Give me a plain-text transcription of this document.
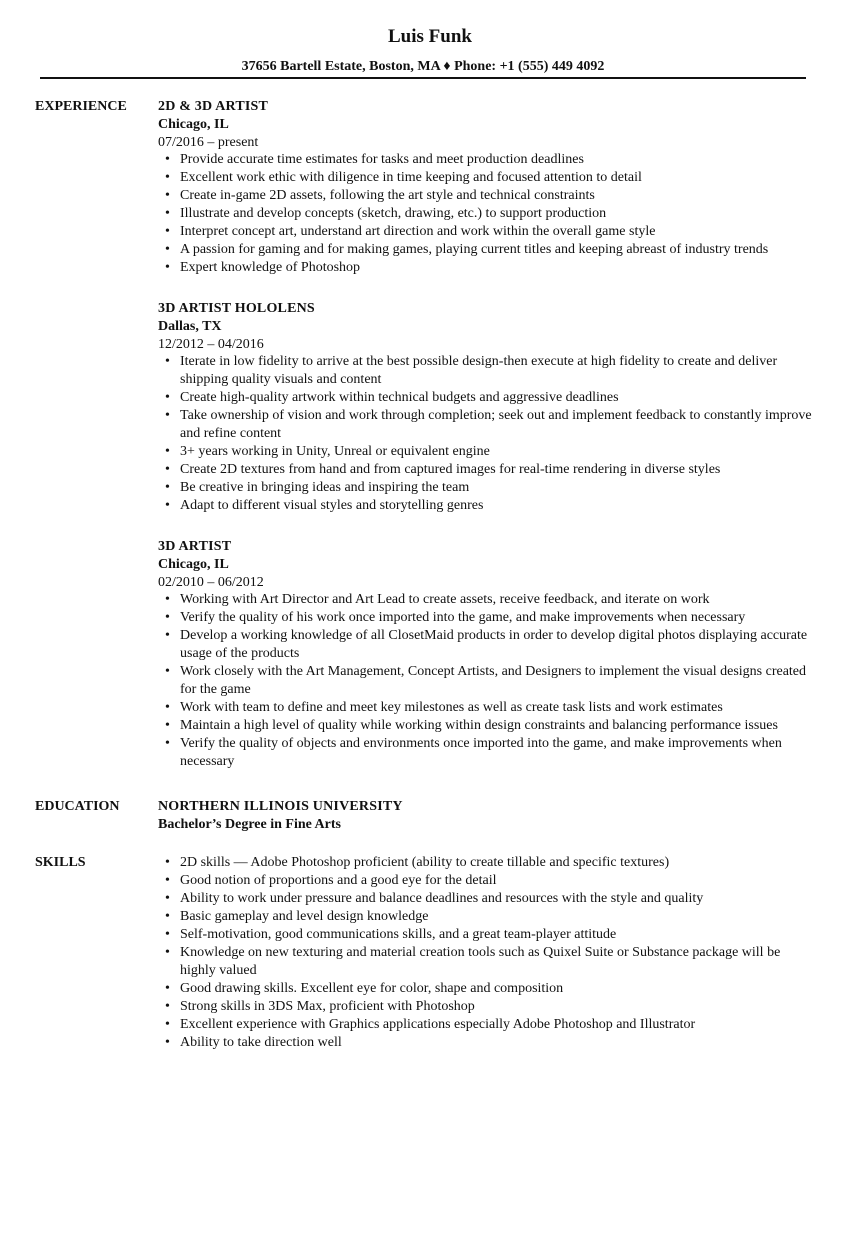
Luis Funk
37656 Bartell Estate, Boston, MA ♦ Phone: +1 (555) 449 4092
EXPERIENCE 2D & 3D ARTIST
Chicago, IL
07/2016 – present
• Provide accurate time estimates for tasks and meet production deadlines
• Excellent work ethic with diligence in time keeping and focused attention to detail
• Create in-game 2D assets, following the art style and technical constraints
• Illustrate and develop concepts (sketch, drawing, etc.) to support production
• Interpret concept art, understand art direction and work within the overall game style
• A passion for gaming and for making games, playing current titles and keeping abreast of industry trends
• Expert knowledge of Photoshop
3D ARTIST HOLOLENS
Dallas, TX
12/2012 – 04/2016
• Iterate in low fidelity to arrive at the best possible design-then execute at high fidelity to create and deliver shipping quality visuals and content
• Create high-quality artwork within technical budgets and aggressive deadlines
• Take ownership of vision and work through completion; seek out and implement feedback to constantly improve and refine content
• 3+ years working in Unity, Unreal or equivalent engine
• Create 2D textures from hand and from captured images for real-time rendering in diverse styles
• Be creative in bringing ideas and inspiring the team
• Adapt to different visual styles and storytelling genres
3D ARTIST
Chicago, IL
02/2010 – 06/2012
• Working with Art Director and Art Lead to create assets, receive feedback, and iterate on work
• Verify the quality of his work once imported into the game, and make improvements when necessary
• Develop a working knowledge of all ClosetMaid products in order to develop digital photos displaying accurate usage of the products
• Work closely with the Art Management, Concept Artists, and Designers to implement the visual designs created for the game
• Work with team to define and meet key milestones as well as create task lists and work estimates
• Maintain a high level of quality while working within design constraints and balancing performance issues
• Verify the quality of objects and environments once imported into the game, and make improvements when necessary
EDUCATION	NORTHERN ILLINOIS UNIVERSITY
Bachelor’s Degree in Fine Arts
SKILLS	• 2D skills — Adobe Photoshop proficient (ability to create tillable and specific textures)
• Good notion of proportions and a good eye for the detail
• Ability to work under pressure and balance deadlines and resources with the style and quality
• Basic gameplay and level design knowledge
• Self-motivation, good communications skills, and a great team-player attitude
• Knowledge on new texturing and material creation tools such as Quixel Suite or Substance package will be highly valued
• Good drawing skills. Excellent eye for color, shape and composition
• Strong skills in 3DS Max, proficient with Photoshop
• Excellent experience with Graphics applications especially Adobe Photoshop and Illustrator
• Ability to take direction well
